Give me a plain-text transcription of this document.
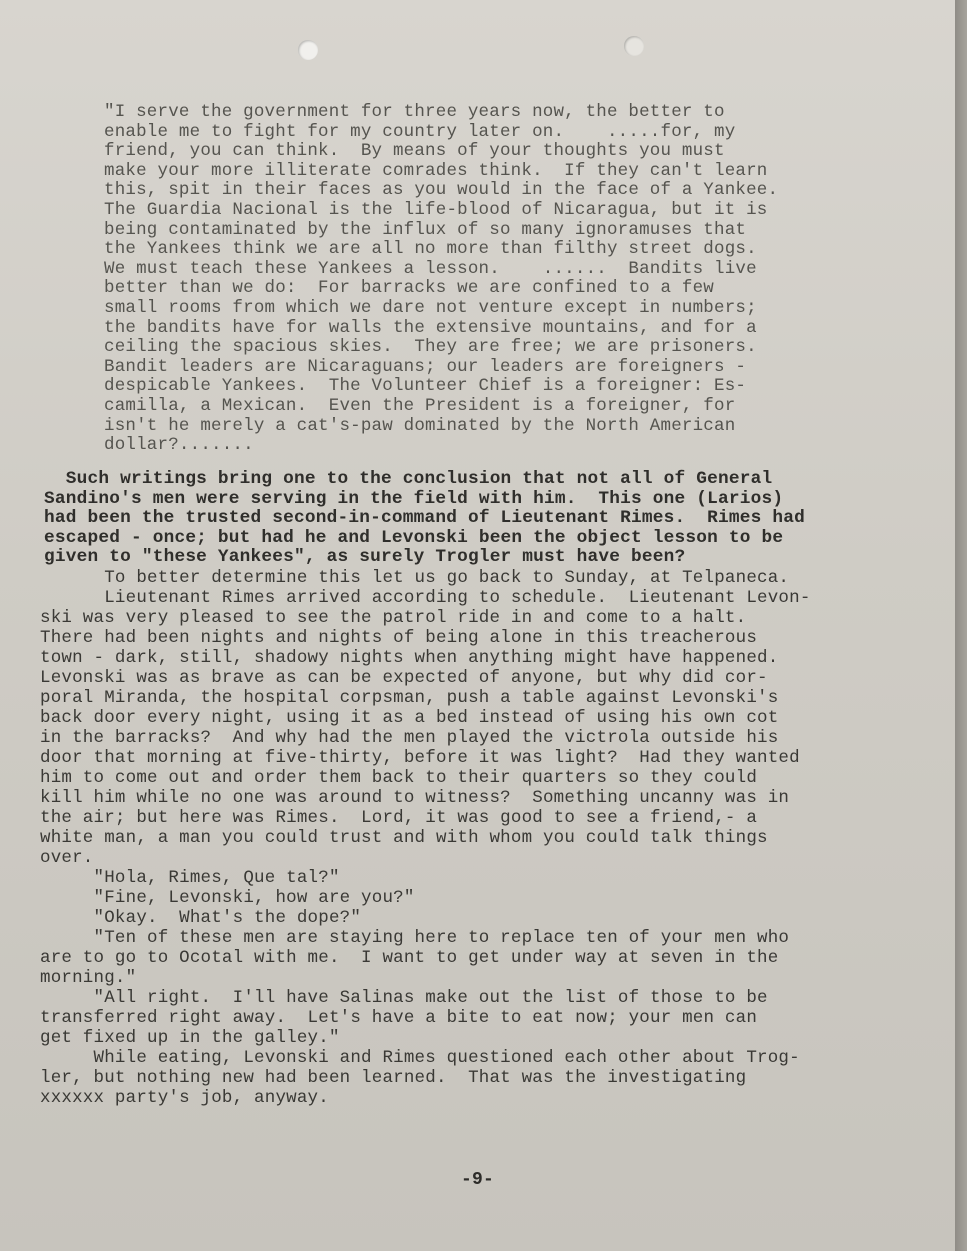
"I serve the government for three years now, the better to
enable me to fight for my country later on.    .....for, my
friend, you can think.  By means of your thoughts you must
make your more illiterate comrades think.  If they can't learn
this, spit in their faces as you would in the face of a Yankee.
The Guardia Nacional is the life-blood of Nicaragua, but it is
being contaminated by the influx of so many ignoramuses that
the Yankees think we are all no more than filthy street dogs.
We must teach these Yankees a lesson.    ......  Bandits live
better than we do:  For barracks we are confined to a few
small rooms from which we dare not venture except in numbers;
the bandits have for walls the extensive mountains, and for a
ceiling the spacious skies.  They are free; we are prisoners.
Bandit leaders are Nicaraguans; our leaders are foreigners -
despicable Yankees.  The Volunteer Chief is a foreigner: Es-
camilla, a Mexican.  Even the President is a foreigner, for
isn't he merely a cat's-paw dominated by the North American
dollar?.......

Such writings bring one to the conclusion that not all of General
Sandino's men were serving in the field with him.  This one (Larios)
had been the trusted second-in-command of Lieutenant Rimes.  Rimes had
escaped - once; but had he and Levonski been the object lesson to be
given to "these Yankees", as surely Trogler must have been?

To better determine this let us go back to Sunday, at Telpaneca.
Lieutenant Rimes arrived according to schedule.  Lieutenant Levon-
ski was very pleased to see the patrol ride in and come to a halt.
There had been nights and nights of being alone in this treacherous
town - dark, still, shadowy nights when anything might have happened.
Levonski was as brave as can be expected of anyone, but why did cor-
poral Miranda, the hospital corpsman, push a table against Levonski's
back door every night, using it as a bed instead of using his own cot
in the barracks?  And why had the men played the victrola outside his
door that morning at five-thirty, before it was light?  Had they wanted
him to come out and order them back to their quarters so they could
kill him while no one was around to witness?  Something uncanny was in
the air; but here was Rimes.  Lord, it was good to see a friend,- a
white man, a man you could trust and with whom you could talk things
over.
"Hola, Rimes, Que tal?"
"Fine, Levonski, how are you?"
"Okay.  What's the dope?"
"Ten of these men are staying here to replace ten of your men who
are to go to Ocotal with me.  I want to get under way at seven in the
morning."
"All right.  I'll have Salinas make out the list of those to be
transferred right away.  Let's have a bite to eat now; your men can
get fixed up in the galley."
While eating, Levonski and Rimes questioned each other about Trog-
ler, but nothing new had been learned.  That was the investigating
xxxxxx party's job, anyway.

-9-
